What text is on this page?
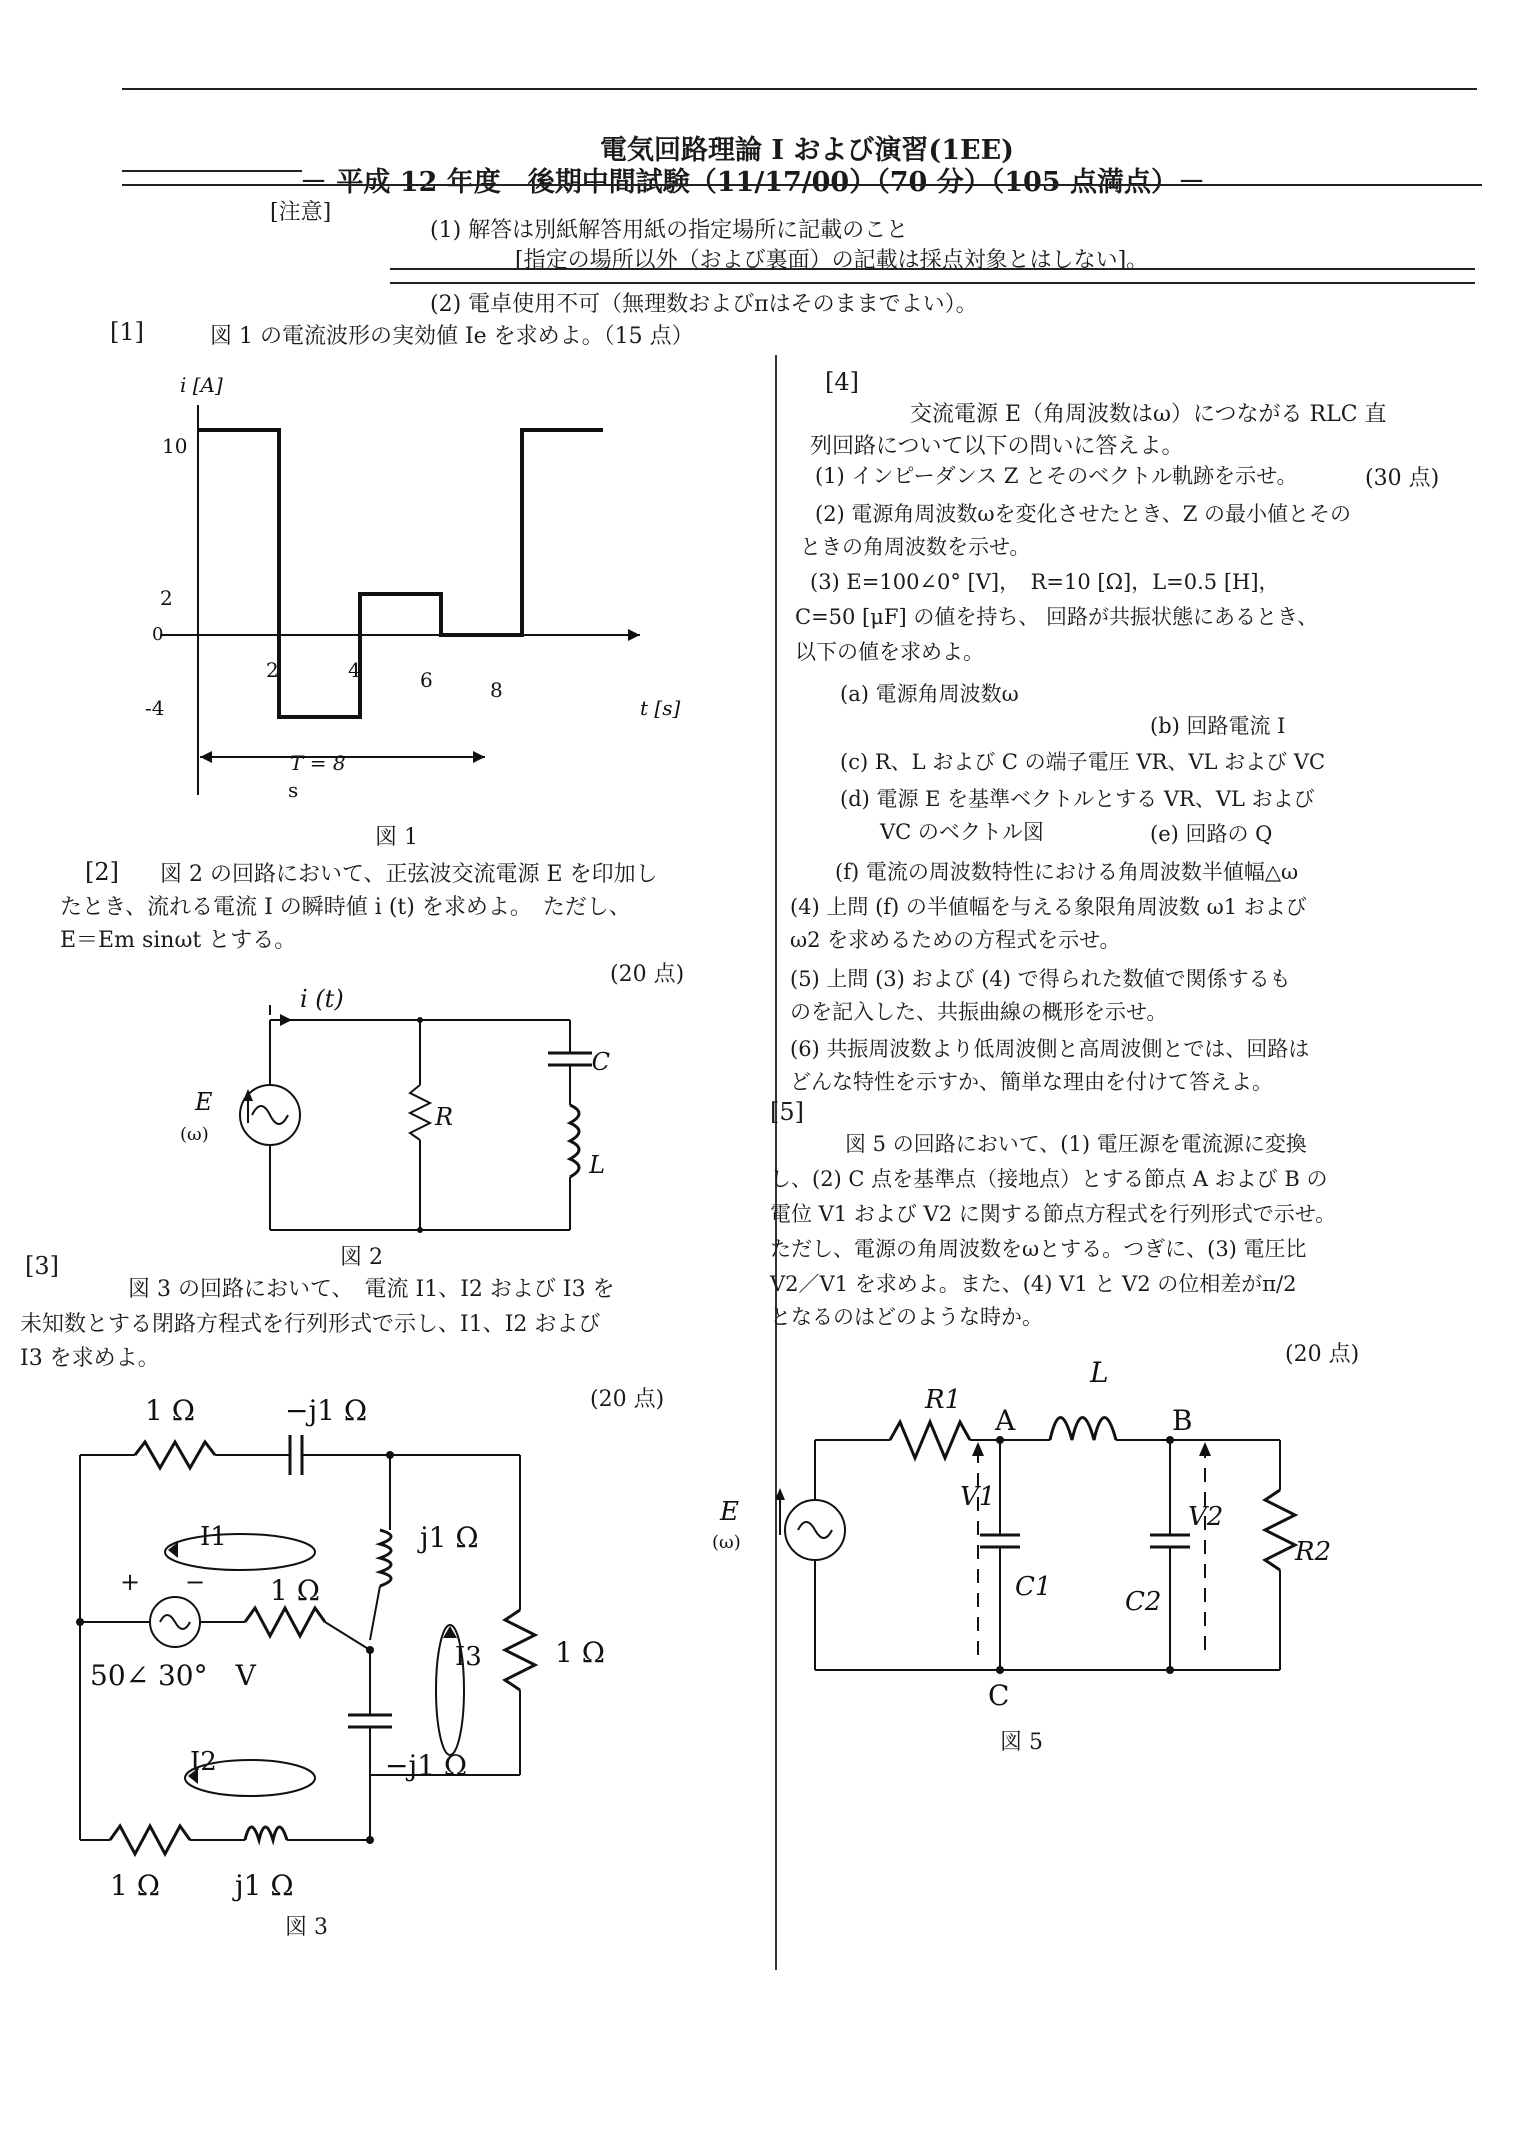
電気回路理論 I および演習(1EE)
－ 平成 12 年度　後期中間試験（11/17/00）（70 分）（105 点満点）－
[注意]
(1) 解答は別紙解答用紙の指定場所に記載のこと
[指定の場所以外（および裏面）の記載は採点対象とはしない]。
(2) 電卓使用不可（無理数およびπはそのままでよい）。
[1]	図 1 の電流波形の実効値 Ie を求めよ。（15 点）
i [A]
t [s]
10
2
0
-4
2	4	6	8
T = 8
s
図 1
[2] 図 2 の回路において、正弦波交流電源 E を印加し
たとき、流れる電流 I の瞬時値 i (t) を求めよ。　ただし、
E＝Em sinωt とする。
(20 点)
i (t)
E
(ω)
R
C
L
図 2
[3]
図 3 の回路において、　電流 I1、I2 および I3 を
未知数とする閉路方程式を行列形式で示し、I1、I2 および
I3 を求めよ。
(20 点)
1 Ω	−j1 Ω
j1 Ω
1 Ω
1 Ω
−j1 Ω
1 Ω	j1 Ω
50∠ 30°　V
+ −
I1
I2
I3
図 3
[4]
交流電源 E（角周波数はω）につながる RLC 直
列回路について以下の問いに答えよ。
(30 点)
(1) インピーダンス Z とそのベクトル軌跡を示せ。
(2) 電源角周波数ωを変化させたとき、Z の最小値とその
ときの角周波数を示せ。
(3) E=100∠0° [V]，　R=10 [Ω]，L=0.5 [H]，
C=50 [μF] の値を持ち、 回路が共振状態にあるとき、
以下の値を求めよ。
(a) 電源角周波数ω
(b) 回路電流 I
(c) R、L および C の端子電圧 VR、VL および VC
(d) 電源 E を基準ベクトルとする VR、VL および
VC のベクトル図	(e) 回路の Q
(f) 電流の周波数特性における角周波数半値幅△ω
(4) 上問 (f) の半値幅を与える象限角周波数 ω1 および
ω2 を求めるための方程式を示せ。
(5) 上問 (3) および (4) で得られた数値で関係するも
のを記入した、共振曲線の概形を示せ。
(6) 共振周波数より低周波側と高周波側とでは、回路は
どんな特性を示すか、簡単な理由を付けて答えよ。
[5]
図 5 の回路において、(1) 電圧源を電流源に変換
し、(2) C 点を基準点（接地点）とする節点 A および B の
電位 V1 および V2 に関する節点方程式を行列形式で示せ。
ただし、電源の角周波数をωとする。つぎに、(3) 電圧比
V2／V1 を求めよ。また、(4) V1 と V2 の位相差がπ/2
となるのはどのような時か。
(20 点)
R1
L
A	B
C
V1
V2
C1	C2
R2
E
(ω)
図 5
